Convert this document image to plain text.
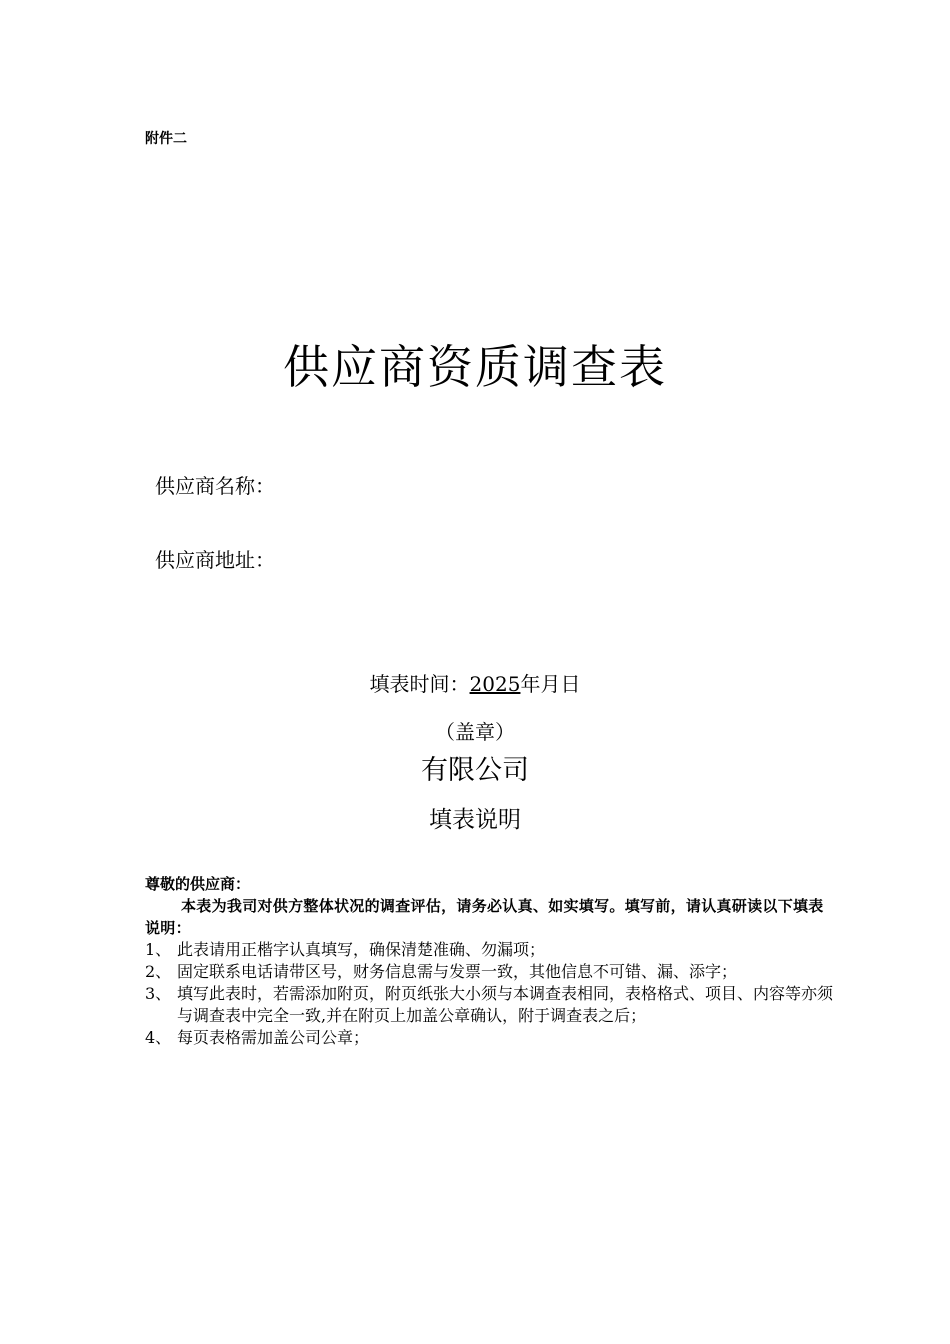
附件二
供应商资质调查表
供应商名称：
供应商地址：
填表时间：2025年月日
（盖章）
有限公司
填表说明
尊敬的供应商：
本表为我司对供方整体状况的调查评估，请务必认真、如实填写。填写前，请认真研读以下填表说明：
1、 此表请用正楷字认真填写，确保清楚准确、勿漏项；
2、 固定联系电话请带区号，财务信息需与发票一致，其他信息不可错、漏、添字；
3、 填写此表时，若需添加附页，附页纸张大小须与本调查表相同，表格格式、项目、内容等亦须与调查表中完全一致,并在附页上加盖公章确认，附于调查表之后；
4、 每页表格需加盖公司公章；
